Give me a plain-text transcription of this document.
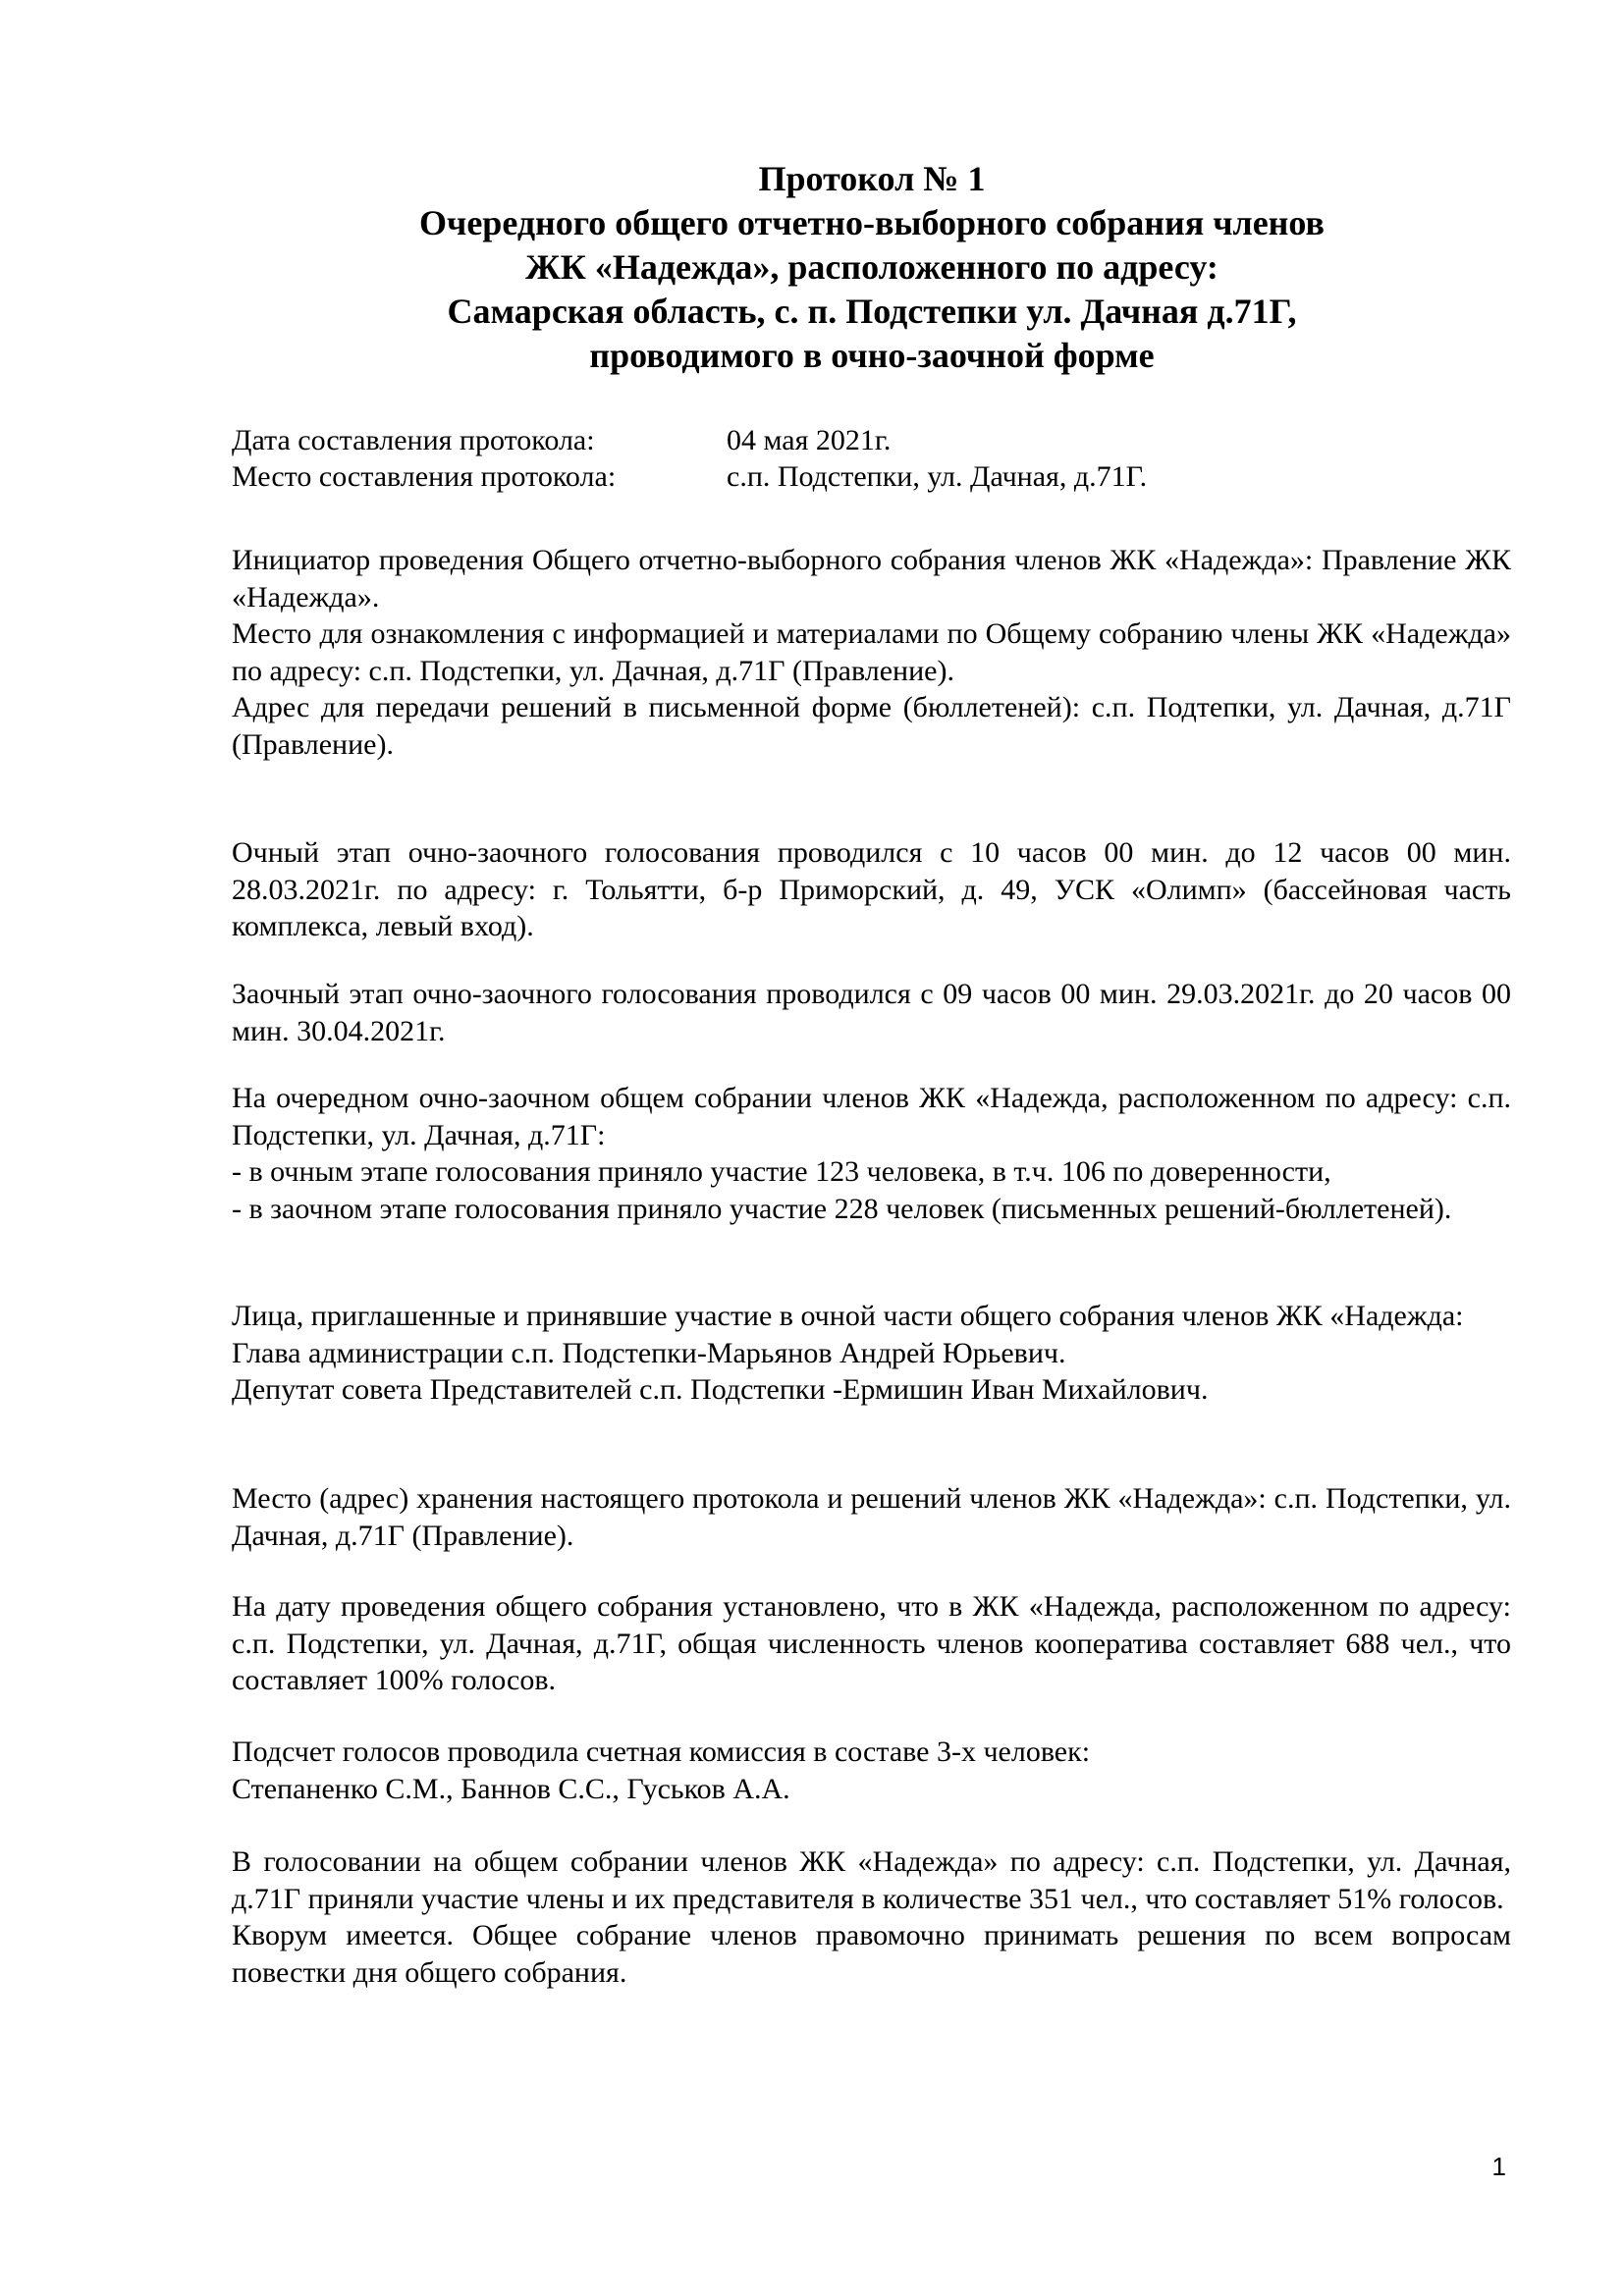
Протокол № 1
Очередного общего отчетно-выборного собрания членов
ЖК «Надежда», расположенного по адресу:
Самарская область, с. п. Подстепки ул. Дачная д.71Г,
проводимого в очно-заочной форме
Дата составления протокола:	04 мая 2021г.
Место составления протокола:	с.п. Подстепки, ул. Дачная, д.71Г.

Инициатор проведения Общего отчетно-выборного собрания членов ЖК «Надежда»: Правление ЖК «Надежда».

Место для ознакомления с информацией и материалами по Общему собранию члены ЖК «Надежда» по адресу: с.п. Подстепки, ул. Дачная, д.71Г (Правление).

Адрес для передачи решений в письменной форме (бюллетеней): с.п. Подтепки, ул. Дачная, д.71Г (Правление).

Очный этап очно-заочного голосования проводился с 10 часов 00 мин. до 12 часов 00 мин. 28.03.2021г. по адресу: г. Тольятти, б-р Приморский, д. 49, УСК «Олимп» (бассейновая часть комплекса, левый вход).

Заочный этап очно-заочного голосования проводился с 09 часов 00 мин. 29.03.2021г. до 20 часов 00 мин. 30.04.2021г.

На очередном очно-заочном общем собрании членов ЖК «Надежда, расположенном по адресу: с.п. Подстепки, ул. Дачная, д.71Г:

- в очным этапе голосования приняло участие 123 человека, в т.ч. 106 по доверенности,

- в заочном этапе голосования приняло участие 228 человек (письменных решений-бюллетеней).

Лица, приглашенные и принявшие участие в очной части общего собрания членов ЖК «Надежда:

Глава администрации с.п. Подстепки-Марьянов Андрей Юрьевич.

Депутат совета Представителей с.п. Подстепки -Ермишин Иван Михайлович.

Место (адрес) хранения настоящего протокола и решений членов ЖК «Надежда»: с.п. Подстепки, ул. Дачная, д.71Г (Правление).

На дату проведения общего собрания установлено, что в ЖК «Надежда, расположенном по адресу: с.п. Подстепки, ул. Дачная, д.71Г, общая численность членов кооператива составляет 688 чел., что составляет 100% голосов.

Подсчет голосов проводила счетная комиссия в составе 3-х человек:

Степаненко С.М., Баннов С.С., Гуськов А.А.

В голосовании на общем собрании членов ЖК «Надежда» по адресу: с.п. Подстепки, ул. Дачная, д.71Г приняли участие члены и их представителя в количестве 351 чел., что составляет 51% голосов.

Кворум имеется. Общее собрание членов правомочно принимать решения по всем вопросам повестки дня общего собрания.

1
